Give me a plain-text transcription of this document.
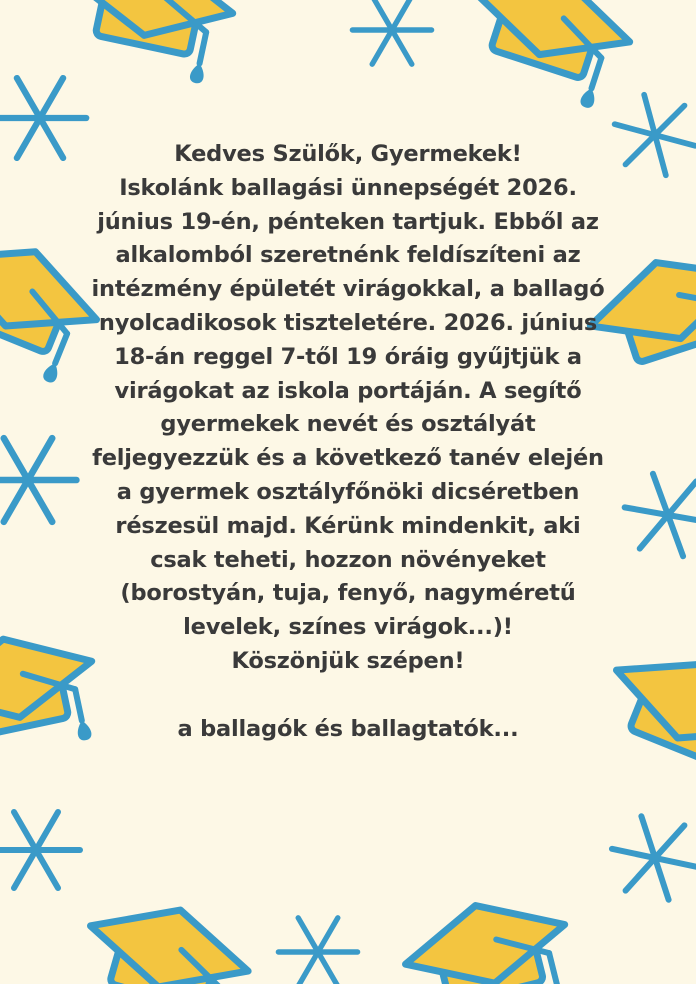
Kedves Szülők, Gyermekek!
Iskolánk ballagási ünnepségét 2026.
június 19-én, pénteken tartjuk. Ebből az
alkalomból szeretnénk feldíszíteni az
intézmény épületét virágokkal, a ballagó
nyolcadikosok tiszteletére. 2026. június
18-án reggel 7-től 19 óráig gyűjtjük a
virágokat az iskola portáján. A segítő
gyermekek nevét és osztályát
feljegyezzük és a következő tanév elején
a gyermek osztályfőnöki dicséretben
részesül majd. Kérünk mindenkit, aki
csak teheti, hozzon növényeket
(borostyán, tuja, fenyő, nagyméretű
levelek, színes virágok...)!
Köszönjük szépen!
a ballagók és ballagtatók...
